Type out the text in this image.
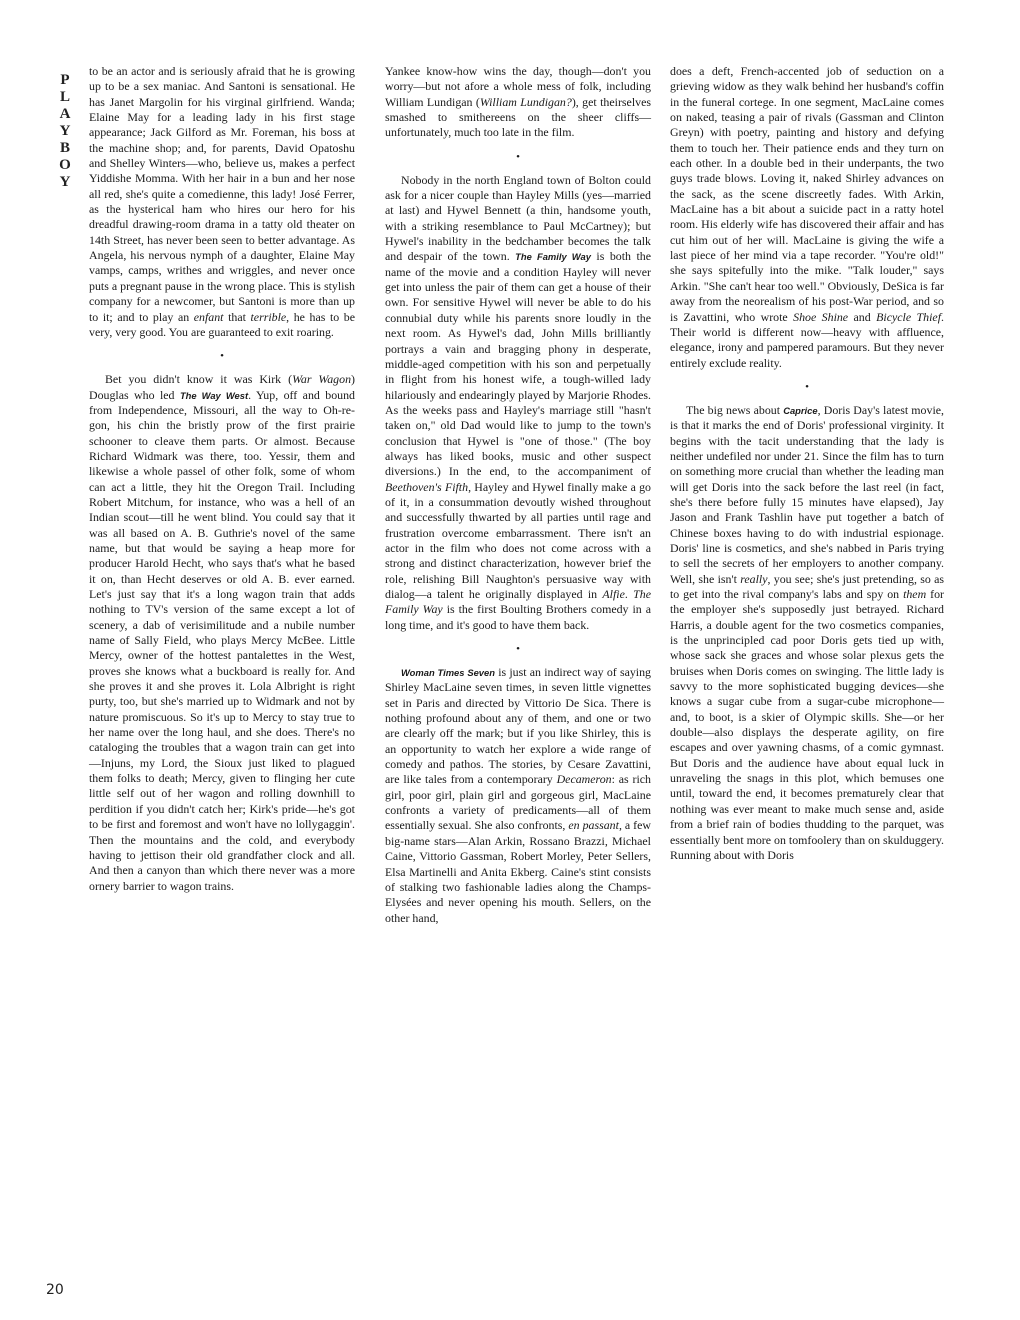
P
L
A
Y
B
O
Y
20

to be an actor and is seriously afraid that he is growing up to be a sex maniac. And Santoni is sensational. He has Janet Margolin for his virginal girlfriend. Wanda; Elaine May for a leading lady in his first stage appearance; Jack Gilford as Mr. Foreman, his boss at the machine shop; and, for parents, David Opatoshu and Shelley Winters—who, believe us, makes a perfect Yiddishe Momma. With her hair in a bun and her nose all red, she's quite a comedienne, this lady! José Ferrer, as the hysterical ham who hires our hero for his dreadful drawing-room drama in a tatty old theater on 14th Street, has never been seen to better advantage. As Angela, his nervous nymph of a daughter, Elaine May vamps, camps, writhes and wriggles, and never once puts a pregnant pause in the wrong place. This is stylish company for a newcomer, but Santoni is more than up to it; and to play an enfant that terrible, he has to be very, very good. You are guaranteed to exit roaring.

•

Bet you didn't know it was Kirk (War Wagon) Douglas who led The Way West. Yup, off and bound from Independence, Missouri, all the way to Oh-re-gon, his chin the bristly prow of the first prairie schooner to cleave them parts. Or almost. Because Richard Widmark was there, too. Yessir, them and likewise a whole passel of other folk, some of whom can act a little, they hit the Oregon Trail. Including Robert Mitchum, for instance, who was a hell of an Indian scout—till he went blind. You could say that it was all based on A. B. Guthrie's novel of the same name, but that would be saying a heap more for producer Harold Hecht, who says that's what he based it on, than Hecht deserves or old A. B. ever earned. Let's just say that it's a long wagon train that adds nothing to TV's version of the same except a lot of scenery, a dab of verisimilitude and a nubile number name of Sally Field, who plays Mercy McBee. Little Mercy, owner of the hottest pantalettes in the West, proves she knows what a buckboard is really for. And she proves it and she proves it. Lola Albright is right purty, too, but she's married up to Widmark and not by nature promiscuous. So it's up to Mercy to stay true to her name over the long haul, and she does. There's no cataloging the troubles that a wagon train can get into—Injuns, my Lord, the Sioux just liked to plagued them folks to death; Mercy, given to flinging her cute little self out of her wagon and rolling downhill to perdition if you didn't catch her; Kirk's pride—he's got to be first and foremost and won't have no lollygaggin'. Then the mountains and the cold, and everybody having to jettison their old grandfather clock and all. And then a canyon than which there never was a more ornery barrier to wagon trains.

Yankee know-how wins the day, though—don't you worry—but not afore a whole mess of folk, including William Lundigan (William Lundigan?), get theirselves smashed to smithereens on the sheer cliffs—unfortunately, much too late in the film.

•

Nobody in the north England town of Bolton could ask for a nicer couple than Hayley Mills (yes—married at last) and Hywel Bennett (a thin, handsome youth, with a striking resemblance to Paul McCartney); but Hywel's inability in the bedchamber becomes the talk and despair of the town. The Family Way is both the name of the movie and a condition Hayley will never get into unless the pair of them can get a house of their own. For sensitive Hywel will never be able to do his connubial duty while his parents snore loudly in the next room. As Hywel's dad, John Mills brilliantly portrays a vain and bragging phony in desperate, middle-aged competition with his son and perpetually in flight from his honest wife, a tough-willed lady hilariously and endearingly played by Marjorie Rhodes. As the weeks pass and Hayley's marriage still "hasn't taken on," old Dad would like to jump to the town's conclusion that Hywel is "one of those." (The boy always has liked books, music and other suspect diversions.) In the end, to the accompaniment of Beethoven's Fifth, Hayley and Hywel finally make a go of it, in a consummation devoutly wished throughout and successfully thwarted by all parties until rage and frustration overcome embarrassment. There isn't an actor in the film who does not come across with a strong and distinct characterization, however brief the role, relishing Bill Naughton's persuasive way with dialog—a talent he originally displayed in Alfie. The Family Way is the first Boulting Brothers comedy in a long time, and it's good to have them back.

•

Woman Times Seven is just an indirect way of saying Shirley MacLaine seven times, in seven little vignettes set in Paris and directed by Vittorio De Sica. There is nothing profound about any of them, and one or two are clearly off the mark; but if you like Shirley, this is an opportunity to watch her explore a wide range of comedy and pathos. The stories, by Cesare Zavattini, are like tales from a contemporary Decameron: as rich girl, poor girl, plain girl and gorgeous girl, MacLaine confronts a variety of predicaments—all of them essentially sexual. She also confronts, en passant, a few big-name stars—Alan Arkin, Rossano Brazzi, Michael Caine, Vittorio Gassman, Robert Morley, Peter Sellers, Elsa Martinelli and Anita Ekberg. Caine's stint consists of stalking two fashionable ladies along the Champs-Elysées and never opening his mouth. Sellers, on the other hand,

does a deft, French-accented job of seduction on a grieving widow as they walk behind her husband's coffin in the funeral cortege. In one segment, MacLaine comes on naked, teasing a pair of rivals (Gassman and Clinton Greyn) with poetry, painting and history and defying them to touch her. Their patience ends and they turn on each other. In a double bed in their underpants, the two guys trade blows. Loving it, naked Shirley advances on the sack, as the scene discreetly fades. With Arkin, MacLaine has a bit about a suicide pact in a ratty hotel room. His elderly wife has discovered their affair and has cut him out of her will. MacLaine is giving the wife a last piece of her mind via a tape recorder. "You're old!" she says spitefully into the mike. "Talk louder," says Arkin. "She can't hear too well." Obviously, DeSica is far away from the neorealism of his post-War period, and so is Zavattini, who wrote Shoe Shine and Bicycle Thief. Their world is different now—heavy with affluence, elegance, irony and pampered paramours. But they never entirely exclude reality.

•

The big news about Caprice, Doris Day's latest movie, is that it marks the end of Doris' professional virginity. It begins with the tacit understanding that the lady is neither undefiled nor under 21. Since the film has to turn on something more crucial than whether the leading man will get Doris into the sack before the last reel (in fact, she's there before fully 15 minutes have elapsed), Jay Jason and Frank Tashlin have put together a batch of Chinese boxes having to do with industrial espionage. Doris' line is cosmetics, and she's nabbed in Paris trying to sell the secrets of her employers to another company. Well, she isn't really, you see; she's just pretending, so as to get into the rival company's labs and spy on them for the employer she's supposedly just betrayed. Richard Harris, a double agent for the two cosmetics companies, is the unprincipled cad poor Doris gets tied up with, whose sack she graces and whose solar plexus gets the bruises when Doris comes on swinging. The little lady is savvy to the more sophisticated bugging devices—she knows a sugar cube from a sugar-cube microphone—and, to boot, is a skier of Olympic skills. She—or her double—also displays the desperate agility, on fire escapes and over yawning chasms, of a comic gymnast. But Doris and the audience have about equal luck in unraveling the snags in this plot, which bemuses one until, toward the end, it becomes prematurely clear that nothing was ever meant to make much sense and, aside from a brief rain of bodies thudding to the parquet, was essentially bent more on tomfoolery than on skulduggery. Running about with Doris
